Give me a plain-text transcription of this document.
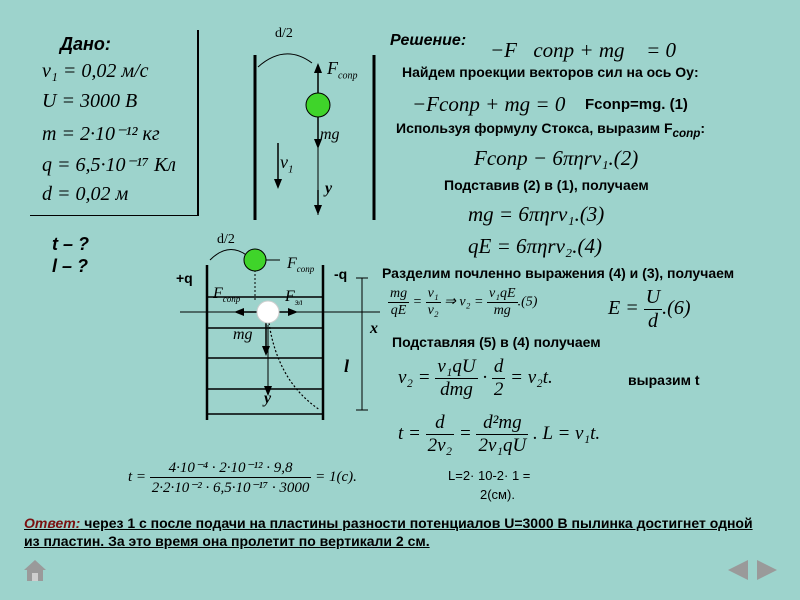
Дано:
v₁ = 0,02 м/с
U = 3000 В
m = 2·10⁻¹² кг
q = 6,5·10⁻¹⁷ Кл
d = 0,02 м
t – ?
l – ?
d/2
$F_{conp}$
mg
$v_1$
y
d/2
+q	-q
$F_{conp}$
$F_{conp}$	$F_{эл}$
mg	x
l
y
Решение: −F⃗conp + mg⃗ = 0
Найдем проекции векторов сил на ось Oy:
−Fconp + mg = 0 Fconp=mg. (1)
Используя формулу Стокса, выразим $F_{conp}$:
Fconp − 6πηrv₁.(2)
Подставив (2) в (1), получаем
mg = 6πηrv₁.(3)
qE = 6πηrv₂.(4)
Разделим почленно выражения (4) и (3), получаем
$\frac{mg}{qE} = \frac{\text{v₁}}{\text{v₂}}$ ⇒ $v_2 = \frac{\text{v₁qE}}{mg} .(5)$	$E = \frac{U}{d} .(6)$
Подставляя (5) в (4) получаем
$v_2 = \frac{\text{v₁qU}}{\text{dmg}} \cdot \frac{d}{2} = v_2t$.	выразим t
$t = \frac{d}{\text{2v₂}} = \frac{\text{d²mg}}{\text{2v₁qU}}$ . L = v₁t.
$t = \frac{\text{4·10⁻⁴ · 2·10⁻¹² · 9,8}}{\text{2·2·10⁻² · 6,5·10⁻¹⁷ · 3000}} = 1(c)$.	L=2· 10-2· 1 =
2(см).
Ответ: через 1 с после подачи на пластины разности потенциалов U=3000 В пылинка достигнет одной из пластин. За это время она пролетит по вертикали 2 см.
